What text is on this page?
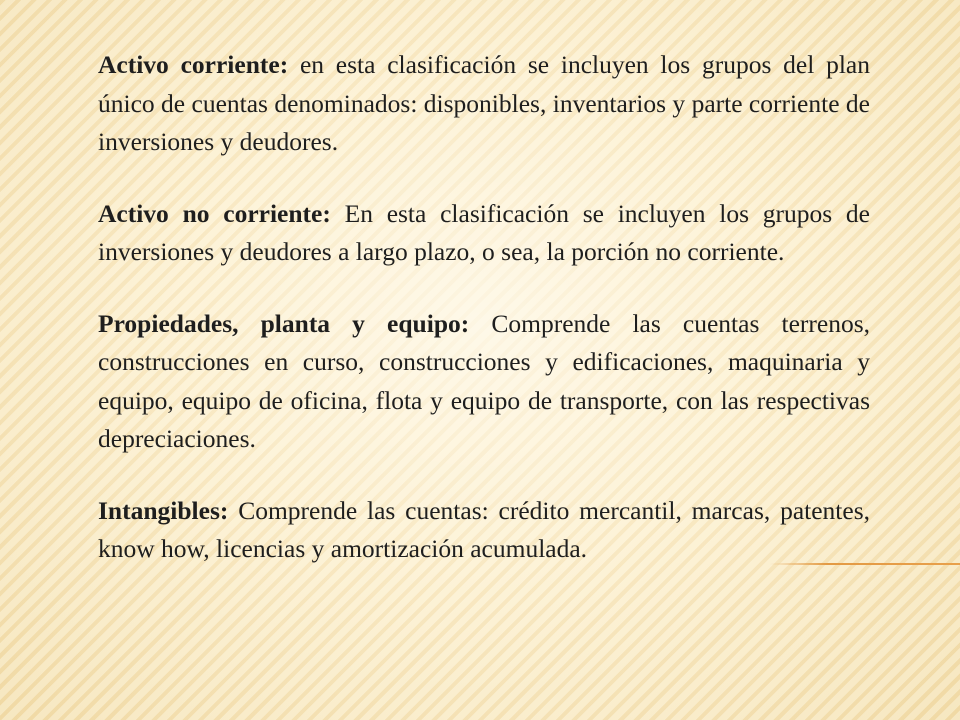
Activo corriente: en esta clasificación se incluyen los grupos del plan único de cuentas denominados: disponibles, inventarios y parte corriente de inversiones y deudores.

Activo no corriente: En esta clasificación se incluyen los grupos de inversiones y deudores a largo plazo, o sea, la porción no corriente.

Propiedades, planta y equipo: Comprende las cuentas terrenos, construcciones en curso, construcciones y edificaciones, maquinaria y equipo, equipo de oficina, flota y equipo de transporte, con las respectivas depreciaciones.

Intangibles: Comprende las cuentas: crédito mercantil, marcas, patentes, know how, licencias y amortización acumulada.
